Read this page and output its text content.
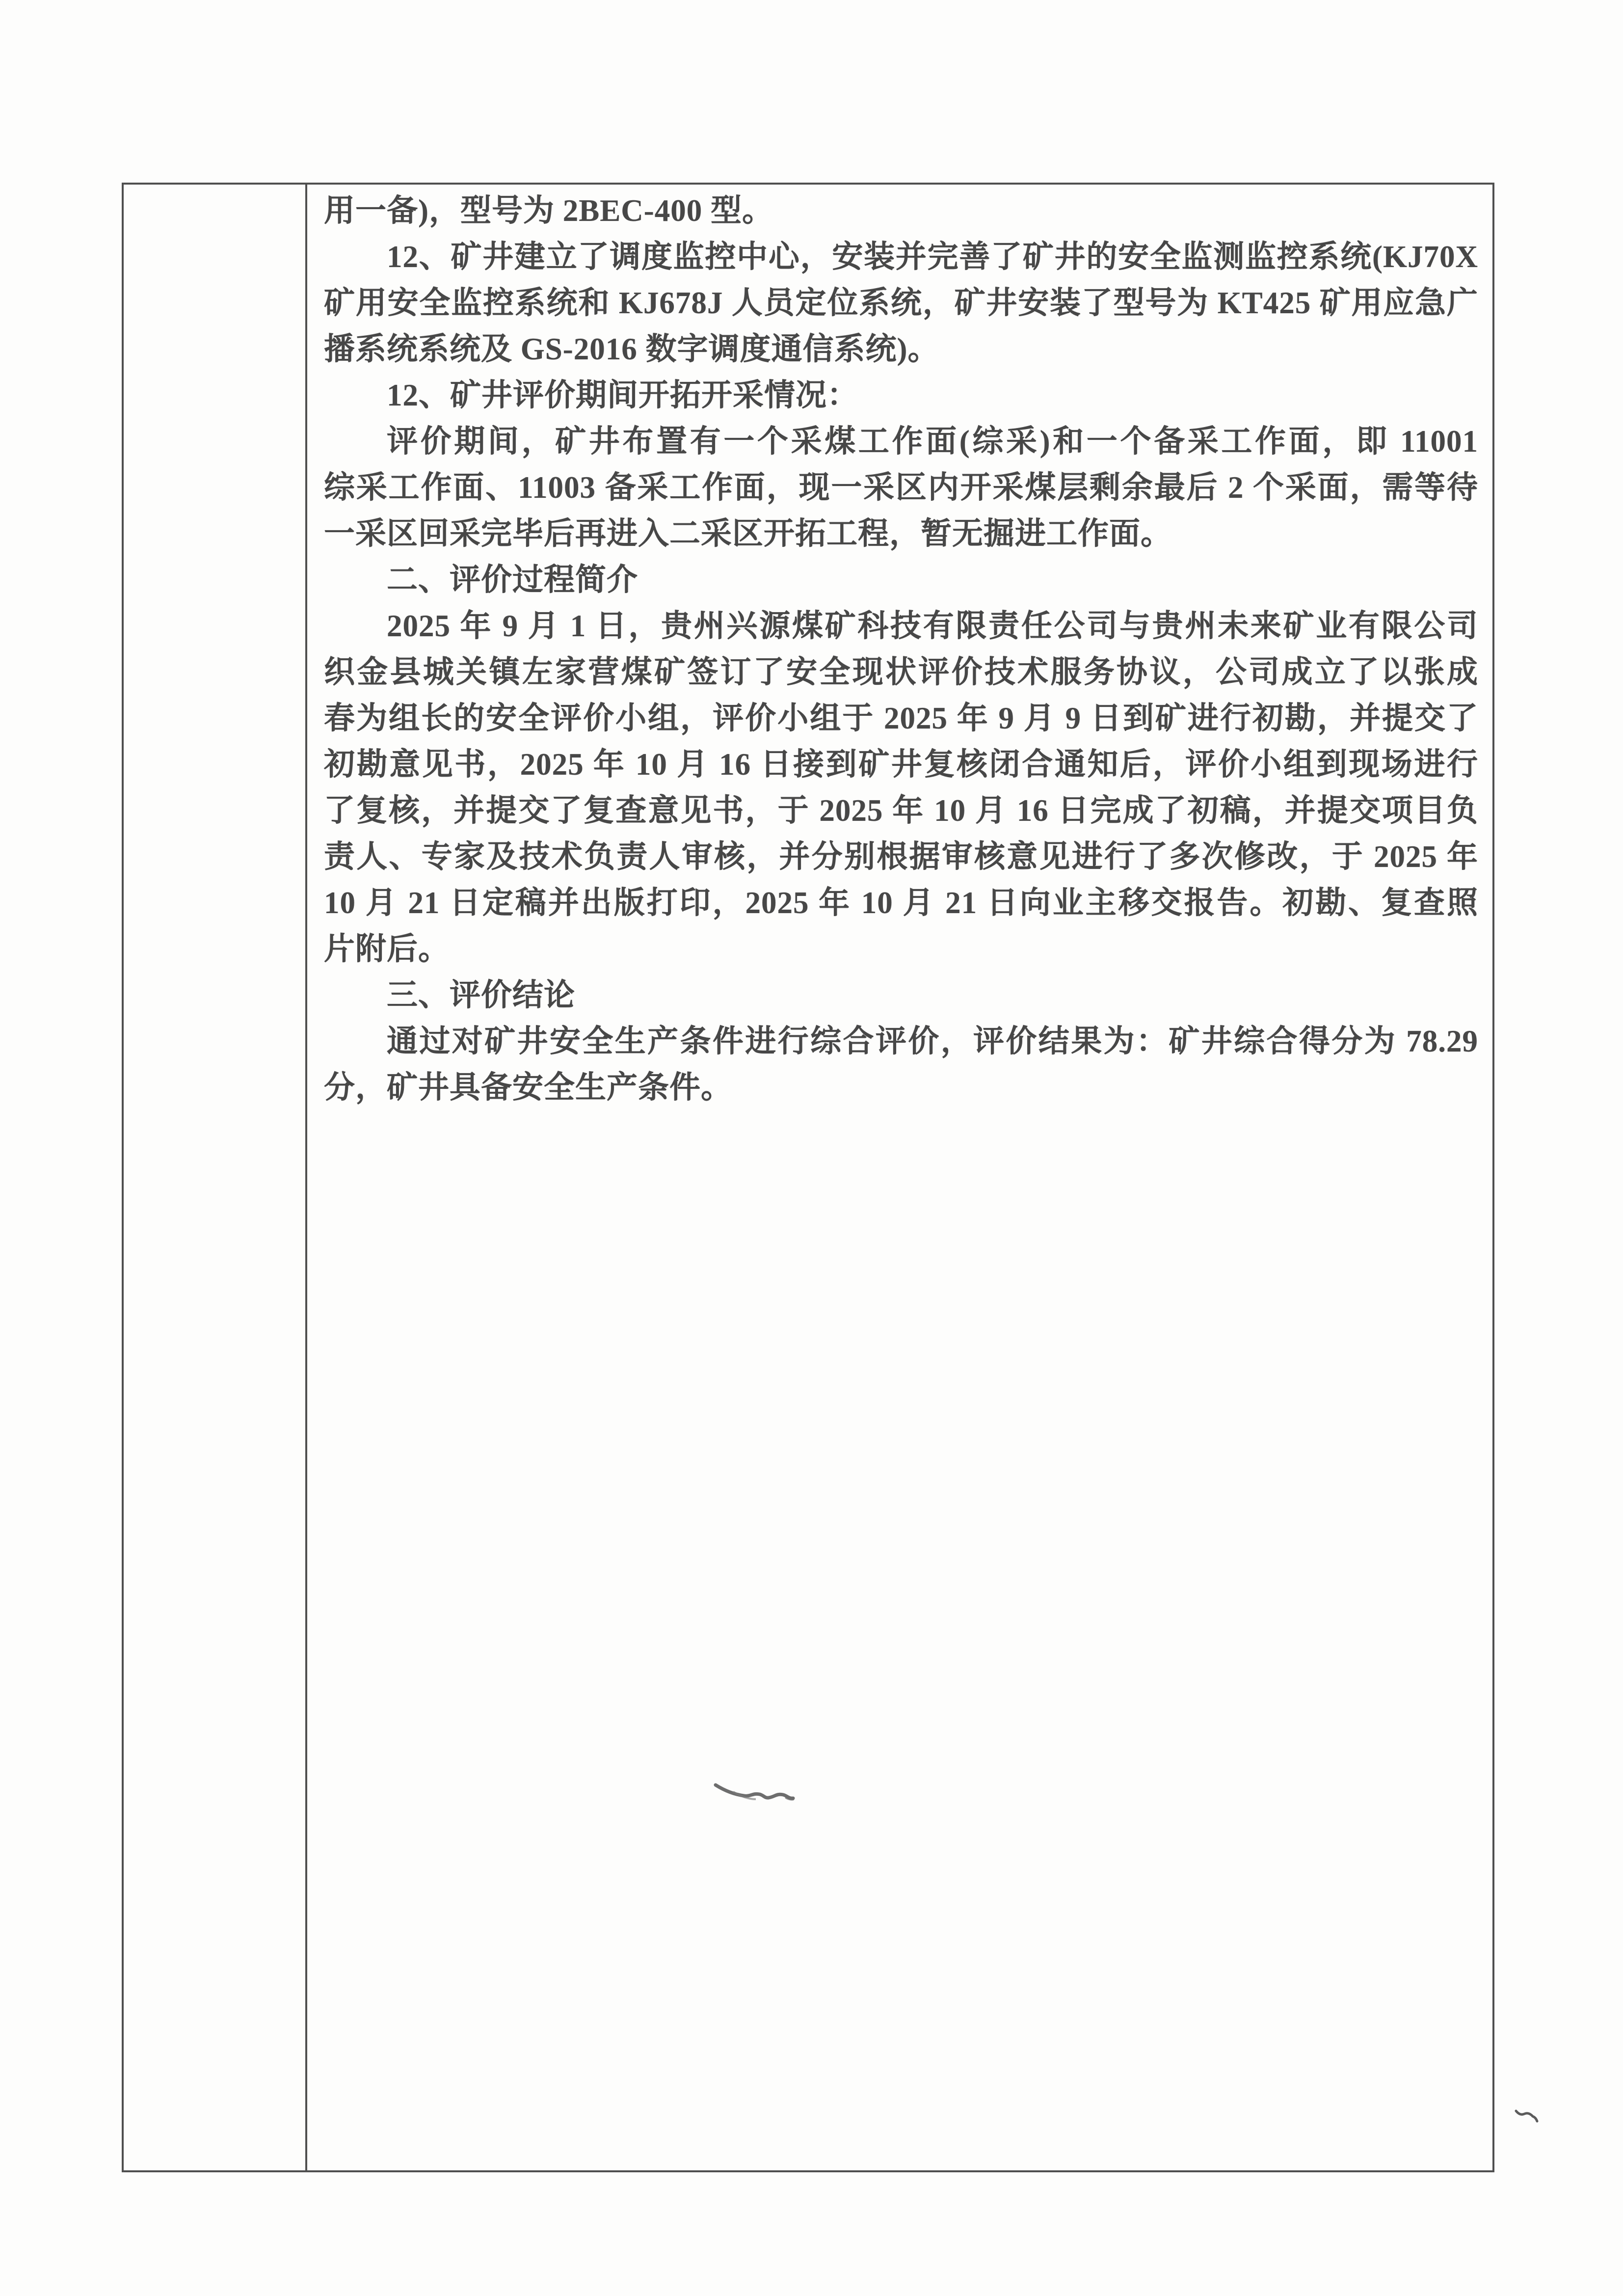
用一备)，型号为 2BEC-400 型。
12、矿井建立了调度监控中心，安装并完善了矿井的安全监测监控系统(KJ70X
矿用安全监控系统和 KJ678J 人员定位系统，矿井安装了型号为 KT425 矿用应急广
播系统系统及 GS-2016 数字调度通信系统)。
12、矿井评价期间开拓开采情况：
评价期间，矿井布置有一个采煤工作面(综采)和一个备采工作面，即 11001
综采工作面、11003 备采工作面，现一采区内开采煤层剩余最后 2 个采面，需等待
一采区回采完毕后再进入二采区开拓工程，暂无掘进工作面。
二、评价过程简介
2025 年 9 月 1 日，贵州兴源煤矿科技有限责任公司与贵州未来矿业有限公司
织金县城关镇左家营煤矿签订了安全现状评价技术服务协议，公司成立了以张成
春为组长的安全评价小组，评价小组于 2025 年 9 月 9 日到矿进行初勘，并提交了
初勘意见书，2025 年 10 月 16 日接到矿井复核闭合通知后，评价小组到现场进行
了复核，并提交了复查意见书，于 2025 年 10 月 16 日完成了初稿，并提交项目负
责人、专家及技术负责人审核，并分别根据审核意见进行了多次修改，于 2025 年
10 月 21 日定稿并出版打印，2025 年 10 月 21 日向业主移交报告。初勘、复查照
片附后。
三、评价结论
通过对矿井安全生产条件进行综合评价，评价结果为：矿井综合得分为 78.29
分，矿井具备安全生产条件。
